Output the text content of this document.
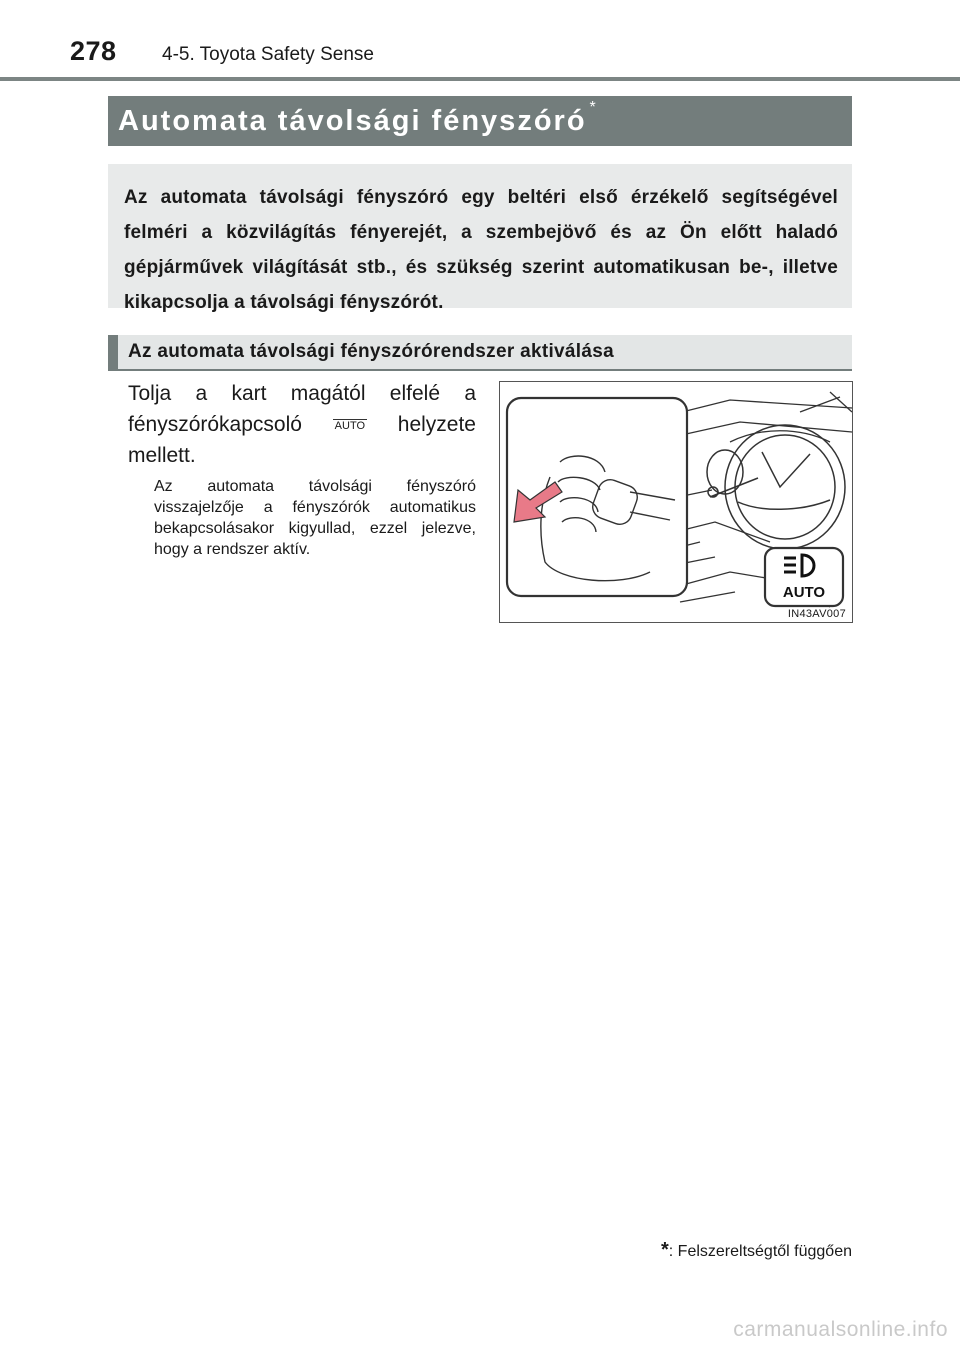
278 4-5. Toyota Safety Sense
Automata távolsági fényszóró *

Az automata távolsági fényszóró egy beltéri első érzékelő segítségével felméri a közvilágítás fényerejét, a szembejövő és az Ön előtt haladó gépjárművek világítását stb., és szükség szerint automatikusan be-, illetve kikapcsolja a távolsági fényszórót.

Az automata távolsági fényszórórendszer aktiválása
Tolja a kart magától elfelé a fényszórókapcsoló	AUTO helyzete mellett.
Az automata távolsági fényszóró visszajelzője a fényszórók automatikus bekapcsolásakor kigyullad, ezzel jelezve, hogy a rendszer aktív.
AUTO
IN43AV007
*: Felszereltségtől függően
carmanualsonline.info
